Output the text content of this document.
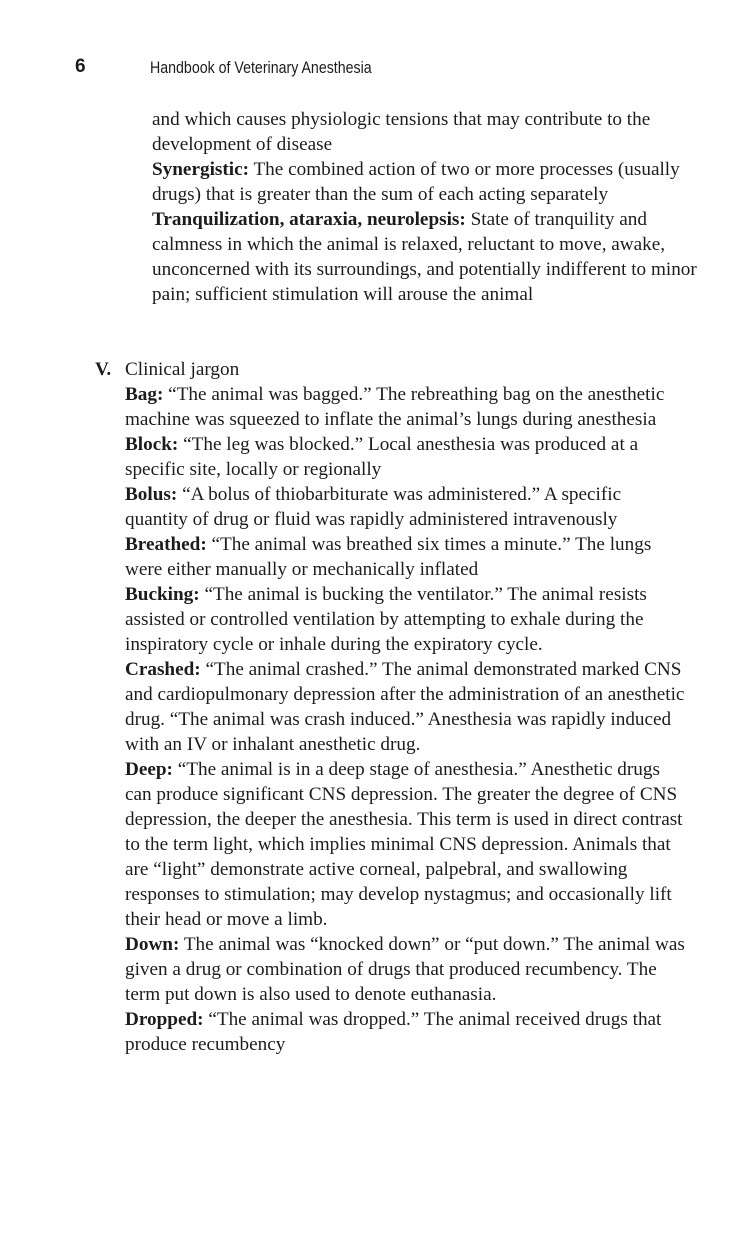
6	Handbook of Veterinary Anesthesia
and which causes physiologic tensions that may contribute to the development of disease
Synergistic: The combined action of two or more processes (usually drugs) that is greater than the sum of each acting separately
Tranquilization, ataraxia, neurolepsis: State of tranquility and calmness in which the animal is relaxed, reluctant to move, awake, unconcerned with its surroundings, and potentially indifferent to minor pain; sufficient stimulation will arouse the animal
V. Clinical jargon
Bag: “The animal was bagged.” The rebreathing bag on the anesthetic machine was squeezed to inflate the animal’s lungs during anesthesia
Block: “The leg was blocked.” Local anesthesia was produced at a specific site, locally or regionally
Bolus: “A bolus of thiobarbiturate was administered.” A specific quantity of drug or fluid was rapidly administered intravenously
Breathed: “The animal was breathed six times a minute.” The lungs were either manually or mechanically inflated
Bucking: “The animal is bucking the ventilator.” The animal resists assisted or controlled ventilation by attempting to exhale during the inspiratory cycle or inhale during the expiratory cycle.
Crashed: “The animal crashed.” The animal demonstrated marked CNS and cardiopulmonary depression after the administration of an anesthetic drug. “The animal was crash induced.” Anesthesia was rapidly induced with an IV or inhalant anesthetic drug.
Deep: “The animal is in a deep stage of anesthesia.” Anesthetic drugs can produce significant CNS depression. The greater the degree of CNS depression, the deeper the anesthesia. This term is used in direct contrast to the term light, which implies minimal CNS depression. Animals that are “light” demonstrate active corneal, palpebral, and swallowing responses to stimulation; may develop nystagmus; and occasionally lift their head or move a limb.
Down: The animal was “knocked down” or “put down.” The animal was given a drug or combination of drugs that produced recumbency. The term put down is also used to denote euthanasia.
Dropped: “The animal was dropped.” The animal received drugs that produce recumbency
